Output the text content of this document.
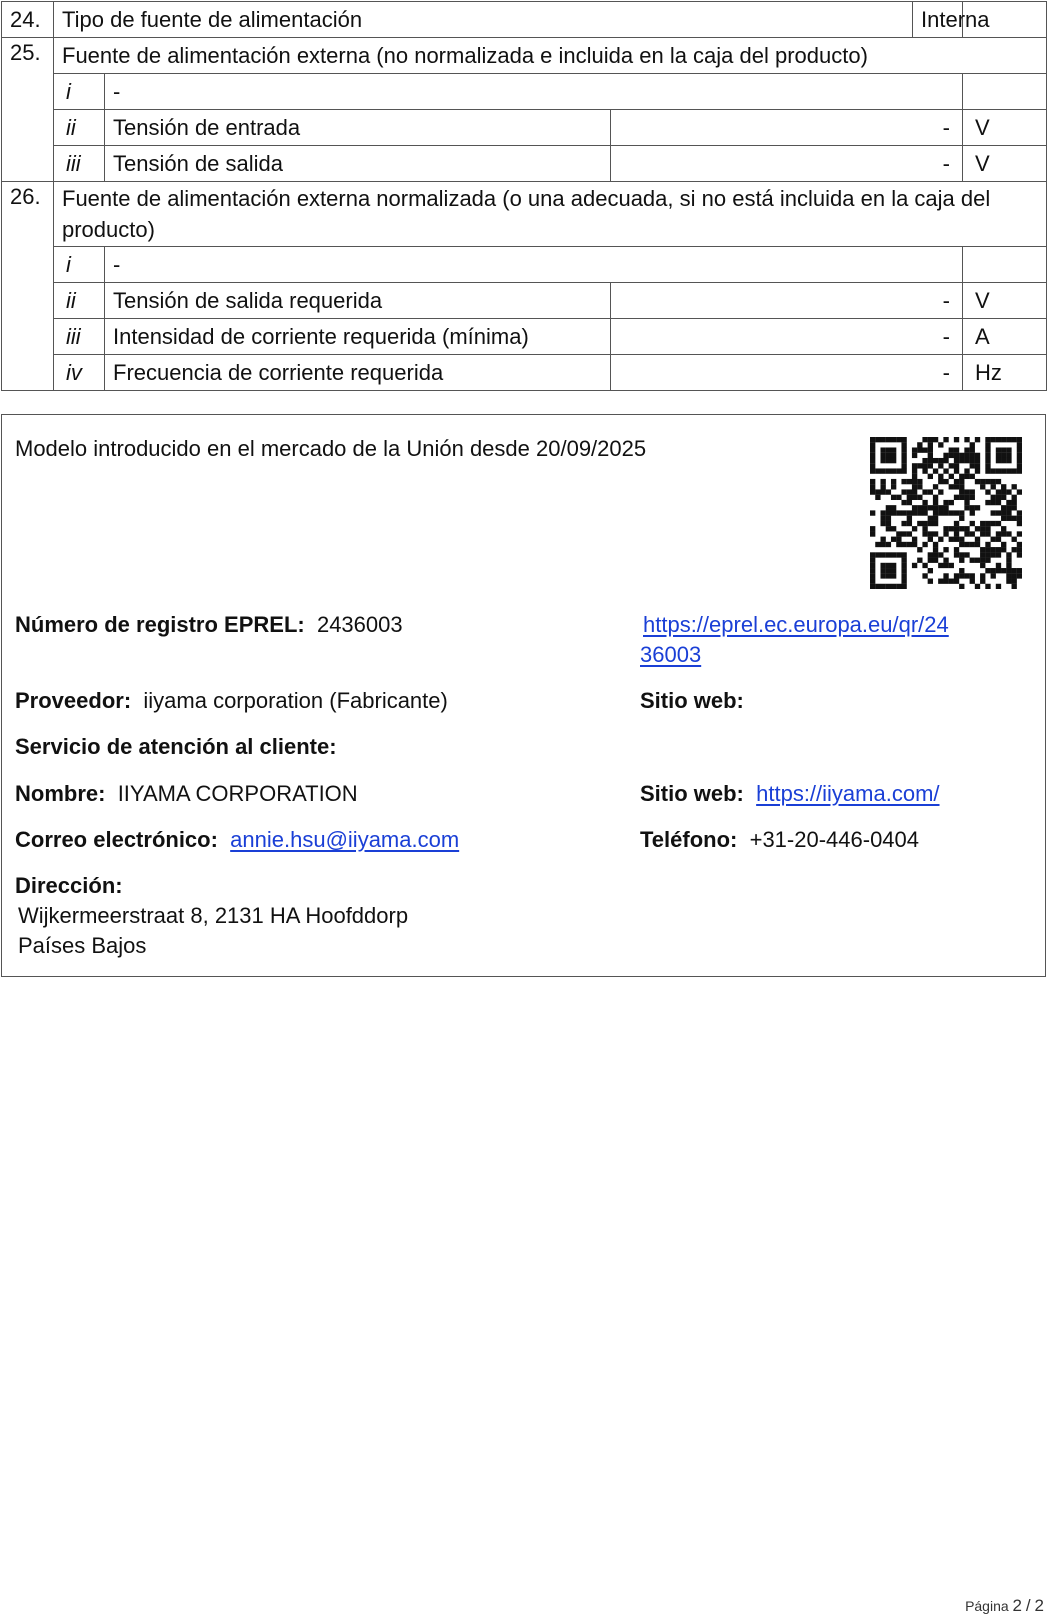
24.	Tipo de fuente de alimentación			Interna	
25.	Fuente de alimentación externa (no normalizada e incluida en la caja del producto)				
	i	-			
	ii	Tensión de entrada	-		V
	iii	Tensión de salida	-		V
26.	Fuente de alimentación externa normalizada (o una adecuada, si no está incluida en la caja del producto)				
	i	-			
	ii	Tensión de salida requerida	-		V
	iii	Intensidad de corriente requerida (mínima)	-		A
	iv	Frecuencia de corriente requerida	-		Hz
Modelo introducido en el mercado de la Unión desde 20/09/2025
Número de registro EPREL: 2436003	https://eprel.ec.europa.eu/qr/24
36003
Proveedor: iiyama corporation (Fabricante)	Sitio web:
Servicio de atención al cliente:
Nombre: IIYAMA CORPORATION	Sitio web: https://iiyama.com/
Correo electrónico: annie.hsu@iiyama.com	Teléfono: +31-20-446-0404
Dirección:
Wijkermeerstraat 8, 2131 HA Hoofddorp
Países Bajos
Página 2 / 2
